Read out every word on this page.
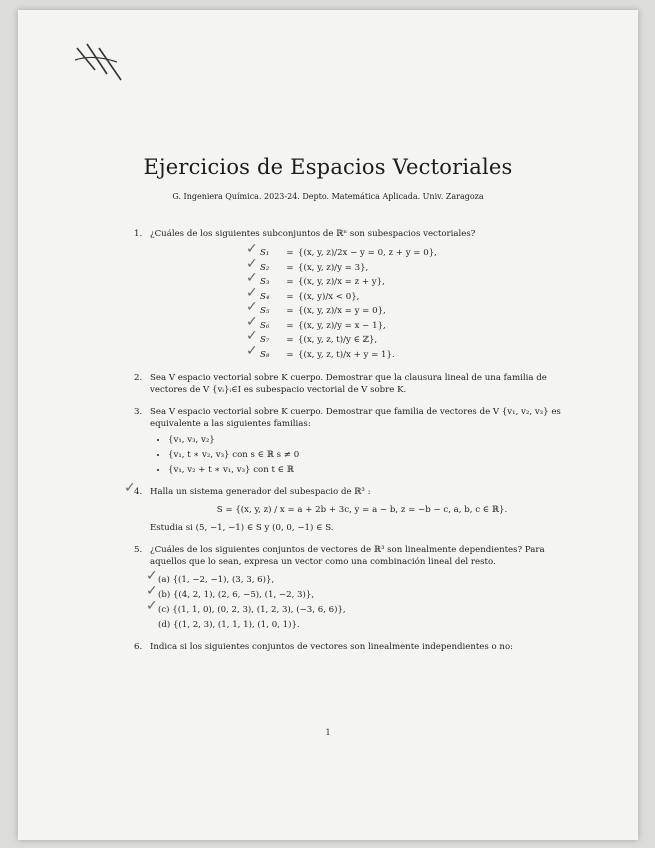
Ejercicios de Espacios Vectoriales
G. Ingeniera Química. 2023-24. Depto. Matemática Aplicada. Univ. Zaragoza
1. ¿Cuáles de los siguientes subconjuntos de ℝⁿ son subespacios vectoriales?
✓ S₁	= {(x, y, z)/2x − y = 0, z + y = 0},
✓ S₂	= {(x, y, z)/y = 3},
✓ S₃	= {(x, y, z)/x = z + y},
✓ S₄	= {(x, y)/x < 0},
✓ S₅	= {(x, y, z)/x = y = 0},
✓ S₆	= {(x, y, z)/y = x − 1},
✓ S₇	= {(x, y, z, t)/y ∈ ℤ},
✓ S₈	= {(x, y, z, t)/x + y = 1}.
2. Sea V espacio vectorial sobre K cuerpo. Demostrar que la clausura lineal de una familia de vectores de V {vᵢ}ᵢ∈I es subespacio vectorial de V sobre K.
3. Sea V espacio vectorial sobre K cuerpo. Demostrar que familia de vectores de V {v₁, v₂, v₃} es equivalente a las siguientes familias:
• {v₁, v₃, v₂}
• {v₁, t ∗ v₂, v₃} con s ∈ ℝ s ≠ 0
• {v₁, v₂ + t ∗ v₁, v₃} con t ∈ ℝ
✓
4. Halla un sistema generador del subespacio de ℝ³ :
S = {(x, y, z) / x = a + 2b + 3c, y = a − b, z = −b − c, a, b, c ∈ ℝ}.
Estudia si (5, −1, −1) ∈ S y (0, 0, −1) ∈ S.
5. ¿Cuáles de los siguientes conjuntos de vectores de ℝ³ son linealmente dependientes? Para aquellos que lo sean, expresa un vector como una combinación lineal del resto.
✓ (a) {(1, −2, −1), (3, 3, 6)},
✓ (b) {(4, 2, 1), (2, 6, −5), (1, −2, 3)},
✓ (c) {(1, 1, 0), (0, 2, 3), (1, 2, 3), (−3, 6, 6)},
(d) {(1, 2, 3), (1, 1, 1), (1, 0, 1)}.
6. Indica si los siguientes conjuntos de vectores son linealmente independientes o no:
1
